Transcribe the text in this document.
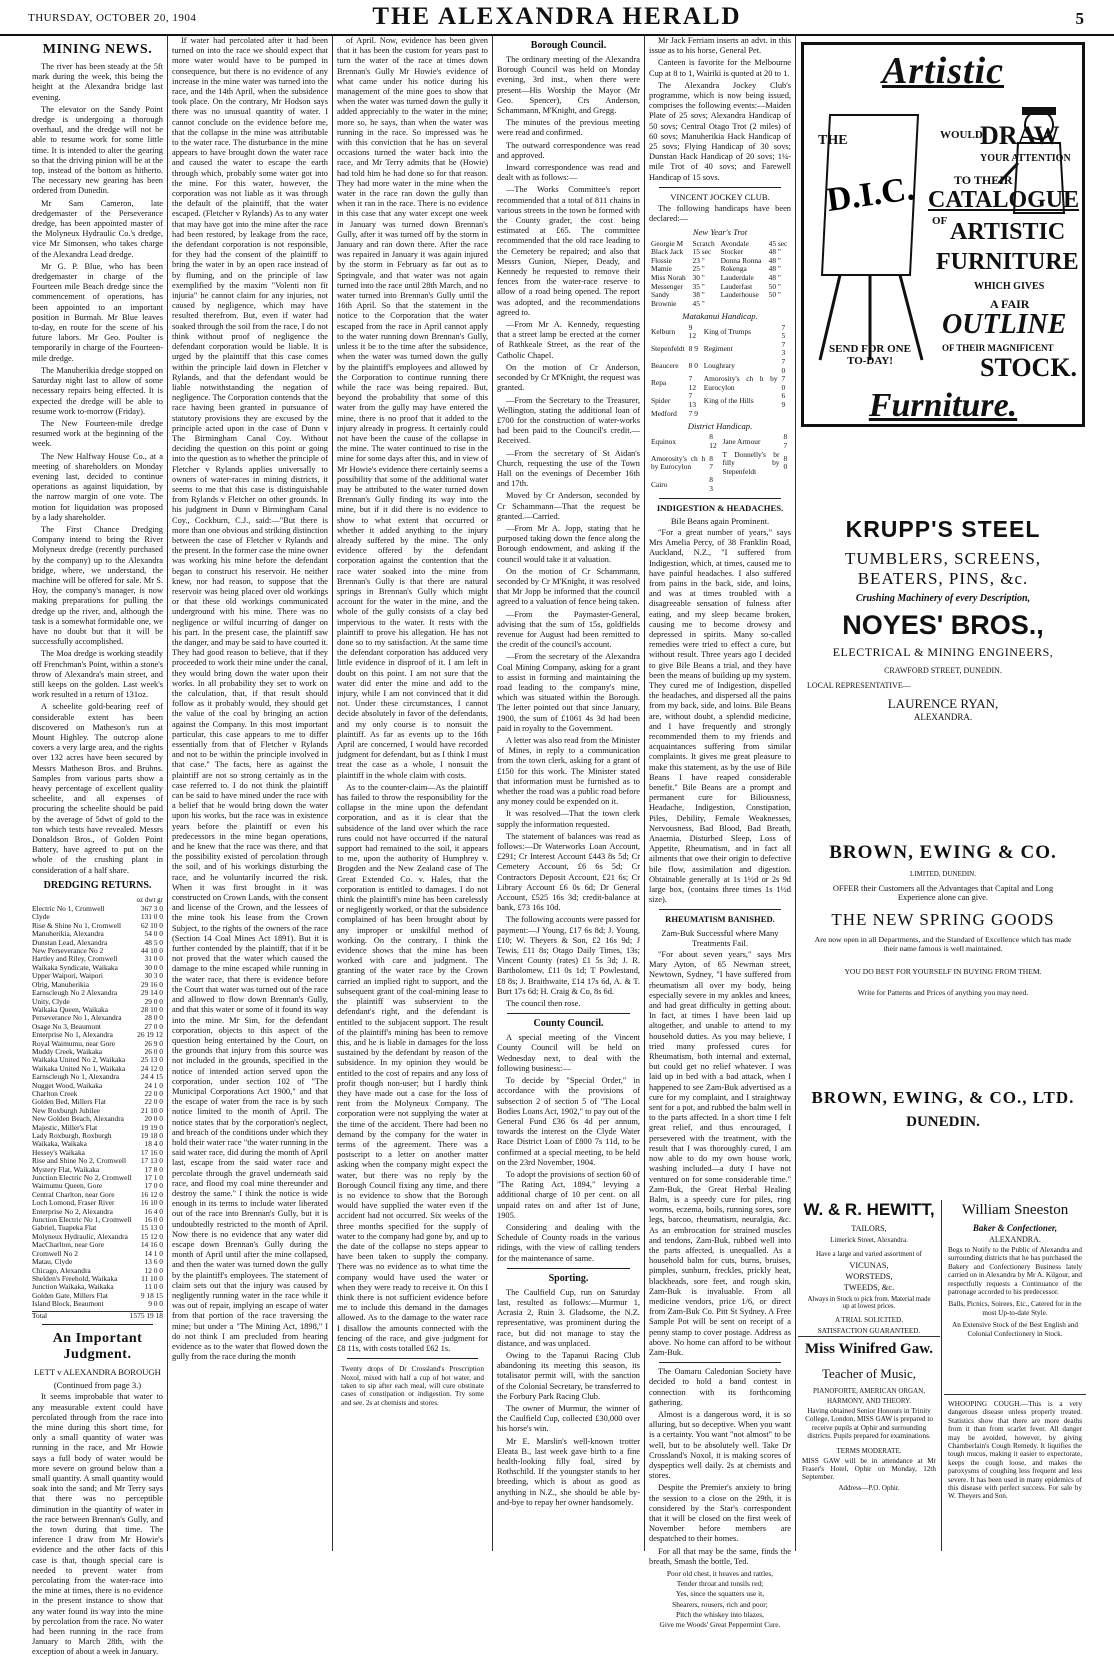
THURSDAY, OCTOBER 20, 1904	THE ALEXANDRA HERALD	5
MINING NEWS.

The river has been steady at the 5ft mark during the week, this being the height at the Alexandra bridge last evening.

The elevator on the Sandy Point dredge is undergoing a thorough overhaul, and the dredge will not be able to resume work for some little time. It is intended to alter the gearing so that the driving pinion will be at the top, instead of the bottom as hitherto. The necessary new gearing has been ordered from Dunedin.

Mr Sam Cameron, late dredgemaster of the Perseverance dredge, has been appointed master of the Molyneux Hydraulic Co.'s dredge, vice Mr Simonsen, who takes charge of the Alexandra Lead dredge.

Mr G. P. Blue, who has been dredgemaster in charge of the Fourteen mile Beach dredge since the commencement of operations, has been appointed to an important position in Burmah. Mr Blue leaves to-day, en route for the scene of his future labors. Mr Geo. Poulter is temporarily in charge of the Fourteen-mile dredge.

The Manuherikia dredge stopped on Saturday night last to allow of some necessary repairs being effected. It is expected the dredge will be able to resume work to-morrow (Friday).

The New Fourteen-mile dredge resumed work at the beginning of the week.

The New Halfway House Co., at a meeting of shareholders on Monday evening last, decided to continue operations as against liquidation, by the narrow margin of one vote. The motion for liquidation was proposed by a lady shareholder.

The First Chance Dredging Company intend to bring the River Molyneux dredge (recently purchased by the company) up to the Alexandra bridge, where, we understand, the machine will be offered for sale. Mr S. Hoy, the company's manager, is now making preparations for pulling the dredge up the river, and, although the task is a somewhat formidable one, we have no doubt but that it will be successfully accomplished.

The Moa dredge is working steadily off Frenchman's Point, within a stone's throw of Alexandra's main street, and still keeps on the golden. Last week's work resulted in a return of 131oz.

A scheelite gold-bearing reef of considerable extent has been discovered on Matheson's run at Mount Highley. The outcrop alone covers a very large area, and the rights over 132 acres have been secured by Messrs Matheson Bros. and Bruhns. Samples from various parts show a heavy percentage of excellent quality scheelite, and all expenses of procuring the scheelite should be paid by the average of 5dwt of gold to the ton which tests have revealed. Messrs Donaldson Bros., of Golden Point Battery, have agreed to put on the whole of the crushing plant in consideration of a half share.

DREDGING RETURNS.
oz dwt gr
Electric No 1, Cromwell	367 3 0
Clyde	131 0 0
Rise & Shine No 1, Cromwell	62 10 0
Manuherikia, Alexandra	54 0 0
Dunstan Lead, Alexandra	48 5 0
New Perseverance No 2	44 10 0
Hartley and Riley, Cromwell	31 0 0
Waikaka Syndicate, Waikaka	30 0 0
Upper Waipori, Waipori	30 3 0
Olrig, Manuherikia	29 16 0
Earnscleugh No 2 Alexandra	29 14 0
Unity, Clyde	29 0 0
Waikaka Queen, Waikaka	28 10 0
Perseverance No 1, Alexandra	28 0 0
Osage No 3, Beaumont	27 0 0
Enterprise No 1, Alexandra	26 19 12
Royal Waimumu, near Gore	26 9 0
Muddy Creek, Waikaka	26 0 0
Waikaka United No 2, Waikaka	25 13 0
Waikaka United No 1, Waikaka	24 12 0
Earnscleugh No 1, Alexandra	24 4 15
Nugget Wood, Waikaka	24 1 0
Charlton Creek	22 0 0
Golden Bed, Millers Flat	22 0 0
New Roxburgh Jubilee	21 10 0
New Golden Beach, Alexandra	20 0 0
Majestic, Miller's Flat	19 19 0
Lady Roxburgh, Roxburgh	19 18 0
Waikaka, Waikaka	18 4 0
Hessey's Waikaka	17 16 0
Rise and Shine No 2, Cromwell	17 13 0
Mystery Flat, Waikaka	17 8 0
Junction Electric No 2, Cromwell	17 1 0
Waimumu Queen, Gore	17 0 0
Central Charlton, near Gore	16 12 0
Loch Lomond, Fraser River	16 10 0
Enterprise No 2, Alexandra	16 4 0
Junction Electric No 1, Cromwell	16 0 0
Gabriel, Tuapeka Flat	15 13 0
Molyneux Hydraulic, Alexandra	15 12 0
MacCharlton, near Gore	14 16 0
Cromwell No 2	14 1 0
Matau, Clyde	13 6 0
Chicago, Alexandra	12 0 0
Shelden's Freehold, Waikaka	11 10 0
Junction Waikaka, Waikaka	11 0 0
Golden Gate, Millers Flat	9 18 15
Island Block, Beaumont	9 0 0
Total	1575 19 18
An Important Judgment.
LETT v ALEXANDRA BOROUGH
(Continued from page 3.)

It seems improbable that water to any measurable extent could have percolated through from the race into the mine during this short time, for only a small quantity of water was running in the race, and Mr Howie says a full body of water would be more severe on ground below than a small quantity. A small quantity would soak into the sand; and Mr Terry says that there was no perceptible diminution in the quantity of water in the race between Brennan's Gully, and the town during that time. The inference I draw from Mr Howie's evidence and the other facts of this case is that, though special care is needed to prevent water from percolating from the water-race into the mine at times, there is no evidence in the present instance to show that any water found its way into the mine by percolation from the race. No water had been running in the race from January to March 28th, with the exception of about a week in January.

If water had percolated after it had been turned on into the race we should expect that more water would have to be pumped in consequence, but there is no evidence of any increase in the mine water was turned into the race, and the 14th April, when the subsidence took place. On the contrary, Mr Hodson says there was no unusual quantity of water. I cannot conclude on the evidence before me, that the collapse in the mine was attributable to the water race. The disturbance in the mine appears to have brought down the water race and caused the water to escape the earth through which, probably some water got into the mine. For this water, however, the corporation was not liable as it was through the default of the plaintiff, that the water escaped. (Fletcher v Rylands) As to any water that may have got into the mine after the race had been restored, by leakage from the race, the defendant corporation is not responsible, for they had the consent of the plaintiff to bring the water in by an open race instead of by fluming, and on the principle of law exemplified by the maxim "Volenti non fit injuria" he cannot claim for any injuries, not caused by negligence, which may have resulted therefrom. But, even if water had soaked through the soil from the race, I do not think without proof of negligence the defendant corporation would be liable. It is urged by the plaintiff that this case comes within the principle laid down in Fletcher v Rylands, and that the defendant would be liable notwithstanding the negation of negligence. The Corporation contends that the race having been granted in pursuance of statutory provisions they are excused by the principle acted upon in the case of Dunn v The Birmingham Canal Coy. Without deciding the question on this point or going into the question as to whether the principle of Fletcher v Rylands applies universally to owners of water-races in mining districts, it seems to me that this case is distinguishable from Rylands v Fletcher on other grounds. In his judgment in Dunn v Birmingham Canal Coy., Cockburn, C.J., said:—"But there is more than one obvious and striking distinction between the case of Fletcher v Rylands and the present. In the former case the mine owner was working his mine before the defendant began to construct his reservoir. He neither knew, nor had reason, to suppose that the reservoir was being placed over old workings or that these old workings communicated underground with his mine. There was no negligence or wilful incurring of danger on his part. In the present case, the plaintiff saw the danger, and may be said to have courted it. They had good reason to believe, that if they proceeded to work their mine under the canal, they would bring down the water upon their works. In all probability they set to work on the calculation, that, if that result should follow as it probably would, they should get the value of the coal by bringing an action against the Company. In this most important particular, this case appears to me to differ essentially from that of Fletcher v Rylands and not to be within the principle involved in that case." The facts, here as against the plaintiff are not so strong certainly as in the case referred to. I do not think the plaintiff can be said to have mined under the race with a belief that he would bring down the water upon his works, but the race was in existence years before the plaintiff or even his predecessors in the mine began operations, and he knew that the race was there, and that the possibility existed of percolation through the soil, and of his workings disturbing the race, and he voluntarily incurred the risk. When it was first brought in it was constructed on Crown Lands, with the consent and license of the Crown, and the lessees of the mine took his lease from the Crown Subject, to the rights of the owners of the race (Section 14 Coal Mines Act 1891). But it is further contended by the plaintiff, that if it be not proved that the water which caused the damage to the mine escaped while running in the water race, that there is evidence before the Court that water was turned out of the race and allowed to flow down Brennan's Gully, and that this water or some of it found its way into the mine. Mr Sim, for the defendant corporation, objects to this aspect of the question being entertained by the Court, on the grounds that injury from this source was not included in the grounds, specified in the notice of intended action served upon the corporation, under section 102 of "The Municipal Corporations Act 1900," and that the escape of water from the race is by such notice limited to the month of April. The notice states that by the corporation's neglect, and breach of the conditions under which they hold their water race "the water running in the said water race, did during the month of April last, escape from the said water race and percolate through the gravel underneath said race, and flood my coal mine thereunder and destroy the same." I think the notice is wide enough in its terms to include water liberated out of the race into Brennan's Gully, but it is undoubtedly restricted to the month of April. Now there is no evidence that any water did escape down Brennan's Gully during the month of April until after the mine collapsed, and then the water was turned down the gully by the plaintiff's employees. The statement of claim sets out that the injury was caused by negligently running water in the race while it was out of repair, implying an escape of water from that portion of the race traversing the mine; but under a "The Mining Act, 1898," I do not think I am precluded from hearing evidence as to the water that flowed down the gully from the race during the month

of April. Now, evidence has been given that it has been the custom for years past to turn the water of the race at times down Brennan's Gully Mr Howie's evidence of what came under his notice during his management of the mine goes to show that when the water was turned down the gully it added appreciably to the water in the mine; more so, he says, than when the water was running in the race. So impressed was he with this conviction that he has on several occasions turned the water back into the race, and Mr Terry admits that he (Howie) had told him he had done so for that reason. They had more water in the mine when the water in the race ran down the gully than when it ran in the race. There is no evidence in this case that any water except one week in January was turned down Brennan's Gully, after it was turned off by the storm in January and ran down there. After the race was repaired in January it was again injured by the storm in February as far out as to Springvale, and that water was not again turned into the race until 28th March, and no water turned into Brennan's Gully until the 16th April. So that the statement in the notice to the Corporation that the water escaped from the race in April cannot apply to the water running down Brennan's Gully, unless it be to the time after the subsidence, when the water was turned down the gully by the plaintiff's employees and allowed by the Corporation to continue running there while the race was being repaired. But, beyond the probability that some of this water from the gully may have entered the mine, there is no proof that it added to the injury already in progress. It certainly could not have been the cause of the collapse in the mine. The water continued to rise in the mine for some days after this, and in view of Mr Howie's evidence there certainly seems a possibility that some of the additional water may be attributed to the water turned down Brennan's Gully finding its way into the mine, but if it did there is no evidence to show to what extent that occurred or whether it added anything to the injury already suffered by the mine. The only evidence offered by the defendant corporation against the contention that the race water soaked into the mine from Brennan's Gully is that there are natural springs in Brennan's Gully which might account for the water in the mine, and the whole of the gully consists of a clay bed impervious to the water. It rests with the plaintiff to prove his allegation. He has not done so to my satisfaction. At the same time the defendant corporation has adduced very little evidence in disproof of it. I am left in doubt on this point. I am not sure that the water did enter the mine and add to the injury, while I am not convinced that it did not. Under these circumstances, I cannot decide absolutely in favor of the defendants, and my only course is to nonsuit the plaintiff. As far as events up to the 16th April are concerned, I would have recorded judgment for defendant, but as I think I must treat the case as a whole, I nonsuit the plaintiff in the whole claim with costs.

As to the counter-claim—As the plaintiff has failed to throw the responsibility for the collapse in the mine upon the defendant corporation, and as it is clear that the subsidence of the land over which the race runs could not have occurred if the natural support had remained to the soil, it appears to me, upon the authority of Humphrey v. Brogden and the New Zealand case of The Great Extended Co. v. Hales, that the corporation is entitled to damages. I do not think the plaintiff's mine has been carelessly or negligently worked, or that the subsidence complained of has been brought about by any improper or unskilful method of working. On the contrary, I think the evidence shows that the mine has been worked with care and judgment. The granting of the water race by the Crown carried an implied right to support, and the subsequent grant of the coal-mining lease to the plaintiff was subservient to the defendant's right, and the defendant is entitled to the subjacent support. The result of the plaintiff's mining has been to remove this, and he is liable in damages for the loss sustained by the defendant by reason of the subsidence. In my opinion they would be entitled to the cost of repairs and any loss of profit though non-user; but I hardly think they have made out a case for the loss of rent from the Molyneux Company. The corporation were not supplying the water at the time of the accident. There had been no demand by the company for the water in terms of the agreement. There was a postscript to a letter on another matter asking when the company might expect the water, but there was no reply by the Borough Council fixing any time, and there is no evidence to show that the Borough would have supplied the water even if the accident had not occurred. Six weeks of the three months specified for the supply of water to the company had gone by, and up to the date of the collapse no steps appear to have been taken to supply the company. There was no evidence as to what time the company would have used the water or when they were ready to receive it. On this I think there is not sufficient evidence before me to include this demand in the damages allowed. As to the damage to the water race I disallow the amounts connected with the fencing of the race, and give judgment for £8 11s, with costs totalled £62 1s.

Twenty drops of Dr Crossland's Prescription Noxol, mixed with half a cup of hot water, and taken to sip after each meal, will cure obstinate cases of constipation or indigestion. Try some and see. 2s at chemists and stores.
Borough Council.

The ordinary meeting of the Alexandra Borough Council was held on Monday evening, 3rd inst., when there were present—His Worship the Mayor (Mr Geo. Spencer), Crs Anderson, Schammann, M'Knight, and Gregg.

The minutes of the previous meeting were read and confirmed.

The outward correspondence was read and approved.

Inward correspondence was read and dealt with as follows:—

—The Works Committee's report recommended that a total of 811 chains in various streets in the town be formed with the County grader, the cost being estimated at £65. The committee recommended that the old race leading to the Cemetery be repaired; and also that Messrs Gunion, Nieper, Deady, and Kennedy be requested to remove their fences from the water-race reserve to allow of a road being opened. The report was adopted, and the recommendations agreed to.

—From Mr A. Kennedy, requesting that a street lamp be erected at the corner of Rathkeale Street, as the rear of the Catholic Chapel.

On the motion of Cr Anderson, seconded by Cr M'Knight, the request was granted.

—From the Secretary to the Treasurer, Wellington, stating the additional loan of £700 for the construction of water-works had been paid to the Council's credit.—Received.

—From the secretary of St Aidan's Church, requesting the use of the Town Hall on the evenings of December 16th and 17th.

Moved by Cr Anderson, seconded by Cr Schammann—That the request be granted.—Carried.

—From Mr A. Jopp, stating that he purposed taking down the fence along the Borough endowment, and asking if the council would take it at valuation.

On the motion of Cr Schammann, seconded by Cr M'Knight, it was resolved that Mr Jopp be informed that the council agreed to a valuation of fence being taken.

—From the Paymaster-General, advising that the sum of 15s, goldfields revenue for August had been remitted to the credit of the council's account.

—From the secretary of the Alexandra Coal Mining Company, asking for a grant to assist in forming and maintaining the road leading to the company's mine, which was situated within the Borough. The letter pointed out that since January, 1900, the sum of £1061 4s 3d had been paid in royalty to the Government.

A letter was also read from the Minister of Mines, in reply to a communication from the town clerk, asking for a grant of £150 for this work. The Minister stated that information must be furnished as to whether the road was a public road before any money could be expended on it.

It was resolved—That the town clerk supply the information requested.

The statement of balances was read as follows:—Dr Waterworks Loan Account, £291; Cr Interest Account £443 8s 5d; Cr Cemetery Account, £6 6s 5d; Cr Contractors Deposit Account, £21 6s; Cr Library Account £6 0s 6d; Dr General Account, £525 16s 3d; credit-balance at bank, £73 16s 10d.

The following accounts were passed for payment:—J Young, £17 6s 8d; J. Young, £10; W. Theyers & Son, £2 16s 9d; J Tewis, £11 8s; Otago Daily Times, 13s; Vincent County (rates) £1 5s 3d; J. R. Bartholomew, £11 0s 1d; T Powlestand, £8 8s; J. Braithwaite, £14 17s 6d, A. & T. Burt 17s 6d; H. Craig & Co, 8s 6d.

The council then rose.

County Council.

A special meeting of the Vincent County Council will be held on Wednesday next, to deal with the following business:—

To decide by "Special Order," in accordance with the provisions of subsection 2 of section 5 of "The Local Bodies Loans Act, 1902," to pay out of the General Fund £36 6s 4d per annum, towards the interest on the Clyde Water Race District Loan of £800 7s 11d, to be confirmed at a special meeting, to be held on the 23rd November, 1904.

To adopt the provisions of section 60 of "The Rating Act, 1894," levying a additional charge of 10 per cent. on all unpaid rates on and after 1st of June, 1905.

Considering and dealing with the Schedule of County roads in the various ridings, with the view of calling tenders for the maintenance of same.

Sporting.

The Caulfield Cup, run on Saturday last, resulted as follows:—Murmur 1, Acrasia 2, Ruin 3. Gladsome, the N.Z. representative, was prominent during the race, but did not manage to stay the distance, and was unplaced.

Owing to the Tapanui Racing Club abandoning its meeting this season, its totalisator permit will, with the sanction of the Colonial Secretary, be transferred to the Forbury Park Racing Club.

The owner of Murmur, the winner of the Caulfield Cup, collected £30,000 over his horse's win.

Mr E. Marslin's well-known trotter Eleata B., last week gave birth to a fine health-looking filly foal, sired by Rothschild. If the youngster stands to her breeding, which is about as good as anything in N.Z., she should be able by-and-bye to repay her owner handsomely.

Mr Jack Ferriam inserts an advt. in this issue as to his horse, General Pet.

Canteen is favorite for the Melbourne Cup at 8 to 1, Wairiki is quoted at 20 to 1.

The Alexandra Jockey Club's programme, which is now being issued, comprises the following events:—Maiden Plate of 25 sovs; Alexandra Handicap of 50 sovs; Central Otago Trot (2 miles) of 60 sovs; Manuherikia Hack Handicap of 25 sovs; Flying Handicap of 30 sovs; Dunstan Hack Handicap of 20 sovs; 1¼-mile Trot of 40 sovs; and Farewell Handicap of 15 sovs.

VINCENT JOCKEY CLUB.

The following handicaps have been declared:—

New Year's Trot
Georgie M	Scratch	Avondale	45 sec
Black Jack	15 sec	Stocker	48 "
Flossie	23 "	Donna Ronna	48 "
Mamie	25 "	Rokenga	48 "
Miss Norah	30 "	Lauderdale	48 "
Messenger	35 "	Lauderfast	50 "
Sandy	38 "	Lauderhouse	50 "
Brownie	45 "		
Matakanui Handicap.
Kelburn	9 12	King of Trumps	7 5
Stepenfeldt	8 9	Regiment	7 3
Beaucere	8 0	Loughrary	7 0
Repa	7 12	Amorosity's ch h by Eurocylon	7 0
Spider	7 13	King of the Hills	6 9
Medford	7 9		
District Handicap.
Equinox	8 12	Jane Armour	8 7
Amorosity's ch h by Eurocylon	8 7	T Donnelly's br filly by Stepenfeldt	8 0
Cairo	8 3		
INDIGESTION & HEADACHES.
Bile Beans again Prominent.

"For a great number of years," says Mrs Amelia Percy, of 38 Franklin Road, Auckland, N.Z., "I suffered from Indigestion, which, at times, caused me to have painful headaches. I also suffered from pains in the back, side, and loins, and was at times troubled with a disagreeable sensation of fulness after eating, and my sleep became broken, causing me to become drowsy and depressed in spirits. Many so-called remedies were tried to effect a cure, but without result. Three years ago I decided to give Bile Beans a trial, and they have been the means of building up my system. They cured me of Indigestion, dispelled the headaches, and dispersed all the pains from my back, side, and loins. Bile Beans are, without doubt, a splendid medicine, and I have frequently and strongly recommended them to my friends and acquaintances suffering from similar complaints. It gives me great pleasure to make this statement, as by the use of Bile Beans I have reaped considerable benefit." Bile Beans are a prompt and permanent cure for Biliousness, Headache, Indigestion, Constipation, Piles, Debility, Female Weaknesses, Nervousness, Bad Blood, Bad Breath, Anaemia, Disturbed Sleep, Loss of Appetite, Rheumatism, and in fact all ailments that owe their origin to defective bile flow, assimilation and digestion. Obtainable generally at 1s 1½d or 2s 9d large box, (contains three times 1s 1½d size).

RHEUMATISM BANISHED.
Zam-Buk Successful where Many Treatments Fail.

"For about seven years," says Mrs Mary Ayton, of 65 Newman street, Newtown, Sydney, "I have suffered from rheumatism all over my body, being especially severe in my ankles and knees, and had great difficulty in getting about. In fact, at times I have been laid up altogether, and unable to attend to my household duties. As you may believe, I tried many professed cures for Rheumatism, both internal and external, but could get no relief whatever. I was laid up in bed with a bad attack, when I happened to see Zam-Buk advertised as a cure for my complaint, and I straightway sent for a pot, and rubbed the balm well in to the parts affected. In a short time I felt great relief, and thus encouraged, I persevered with the treatment, with the result that I was thoroughly cured, I am now able to do my own house work, washing included—a duty I have not ventured on for some considerable time." Zam-Buk, the Great Herbal Healing Balm, is a speedy cure for piles, ring worms, eczema, boils, running sores, sore legs, barcoo, rheumatism, neuralgia, &c. As an embrocation for strained muscles and tendons, Zam-Buk, rubbed well into the parts affected, is unequalled. As a household balm for cuts, burns, bruises, pimples, sunburn, freckles, prickly heat, blackheads, sore feet, and rough skin, Zam-Buk is invaluable. From all medicine vendors, price 1/6, or direct from Zam-Buk Co. Pitt St Sydney. A Free Sample Pot will be sent on receipt of a penny stamp to cover postage. Address as above. No home can afford to be without Zam-Buk.

The Oamaru Caledonian Society have decided to hold a band contest in connection with its forthcoming gathering.

Almost is a dangerous word, it is so alluring, but so deceptive. When you want is a certainty. You want "not almost" to be well, but to be absolutely well. Take Dr Crossland's Noxol, it is making scores of dyspeptics well daily. 2s at chemists and stores.

Despite the Premier's anxiety to bring the session to a close on the 29th, it is considered by the Star's correspondent that it will be closed on the first week of November before members are despatched to their homes.

For all that may be the same, finds the breath, Smash the bottle, Ted.

Poor old chest, it heaves and rattles,
Tender throat and tonsils red;
Yes, since the squatters use it,
Shearers, rousers, rich and poor;
Pitch the whiskey into blazes,
Give me Woods' Great Peppermint Cure.
Artistic
D.I.C.
THE	WOULD
DRAW
YOUR ATTENTION
TO THEIR
CATALOGUE
OF ARTISTIC
FURNITURE
WHICH GIVES
A FAIR
OUTLINE
OF THEIR MAGNIFICENT
STOCK.
SEND FOR ONE TO-DAY!
Furniture.
KRUPP'S STEEL
TUMBLERS, SCREENS,
BEATERS, PINS, &c.
Crushing Machinery of every Description,
NOYES' BROS.,
ELECTRICAL & MINING ENGINEERS,
CRAWFORD STREET, DUNEDIN.
LOCAL REPRESENTATIVE—
LAURENCE RYAN,
ALEXANDRA.
BROWN, EWING & CO.
LIMITED, DUNEDIN.
OFFER their Customers all the Advantages that Capital and Long Experience alone can give.
THE NEW SPRING GOODS
Are now open in all Departments, and the Standard of Excellence which has made their name famous is well maintained.
YOU DO BEST FOR YOURSELF IN BUYING FROM THEM.
Write for Patterns and Prices of anything you may need.
BROWN, EWING, & CO., LTD.
DUNEDIN.
W. & R. HEWITT,
TAILORS,
Limerick Street, Alexandra.
Have a large and varied assortment of
VICUNAS,
WORSTEDS,
TWEEDS, &c.
Always in Stock to pick from. Material made up at lowest prices.
A TRIAL SOLICITED.
SATISFACTION GUARANTEED.
Miss Winifred Gaw.
Teacher of Music,
PIANOFORTE, AMERICAN ORGAN,
HARMONY, AND THEORY.
Having obtained Senior Honours in Trinity College, London, MISS GAW is prepared to receive pupils at Ophir and surrounding districts. Pupils prepared for examinations.
TERMS MODERATE.
MISS GAW will be in attendance at Mr Fraser's Hotel, Ophir on Monday, 12th September.
Address—P.O. Ophir.
William Sneeston
Baker & Confectioner,
ALEXANDRA.
Begs to Notify to the Public of Alexandra and surrounding districts that he has purchased the Bakery and Confectionery Business lately carried on in Alexandra by Mr A. Kilgour, and respectfully requests a Continuance of the patronage accorded to his predecessor.
Balls, Picnics, Soirees, Etc., Catered for in the most Up-to-date Style.
An Extensive Stock of the Best English and Colonial Confectionery in Stock.
WHOOPING COUGH.—This is a very dangerous disease unless properly treated. Statistics show that there are more deaths from it than from scarlet fever. All danger may be avoided, however, by giving Chamberlain's Cough Remedy. It liquifies the tough mucus, making it easier to expectorate, keeps the cough loose, and makes the paroxysms of coughing less frequent and less severe. It has been used in many epidemics of this disease with perfect success. For sale by W. Theyers and Son.
